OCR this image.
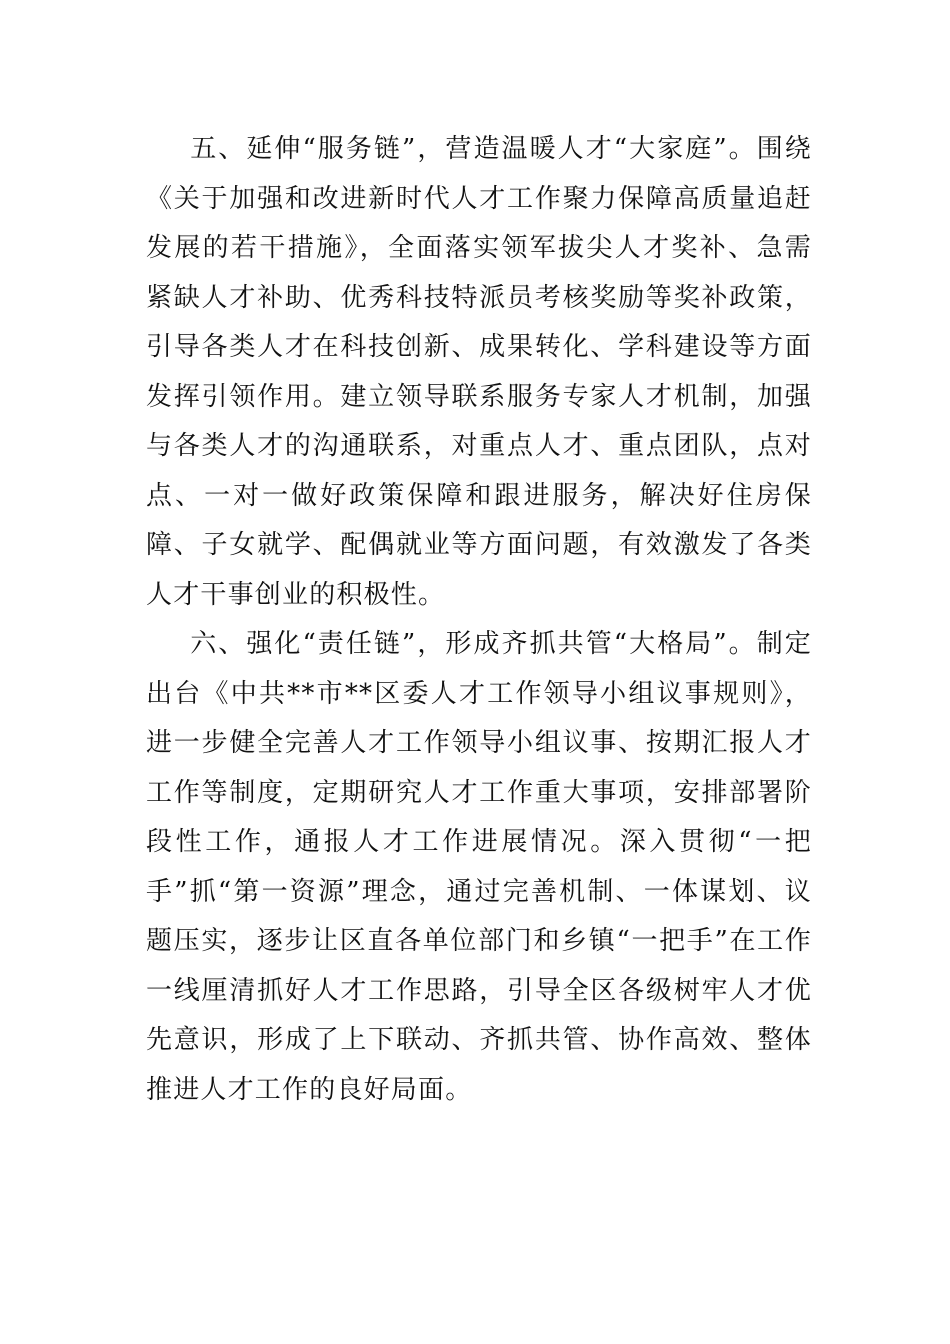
五、延伸“服务链”，营造温暖人才“大家庭”。围绕《关于加强和改进新时代人才工作聚力保障高质量追赶发展的若干措施》，全面落实领军拔尖人才奖补、急需紧缺人才补助、优秀科技特派员考核奖励等奖补政策，引导各类人才在科技创新、成果转化、学科建设等方面发挥引领作用。建立领导联系服务专家人才机制，加强与各类人才的沟通联系，对重点人才、重点团队，点对点、一对一做好政策保障和跟进服务，解决好住房保障、子女就学、配偶就业等方面问题，有效激发了各类人才干事创业的积极性。

六、强化“责任链”，形成齐抓共管“大格局”。制定出台《中共**市**区委人才工作领导小组议事规则》，进一步健全完善人才工作领导小组议事、按期汇报人才工作等制度，定期研究人才工作重大事项，安排部署阶段性工作，通报人才工作进展情况。深入贯彻“一把手”抓“第一资源”理念，通过完善机制、一体谋划、议题压实，逐步让区直各单位部门和乡镇“一把手”在工作一线厘清抓好人才工作思路，引导全区各级树牢人才优先意识，形成了上下联动、齐抓共管、协作高效、整体推进人才工作的良好局面。
